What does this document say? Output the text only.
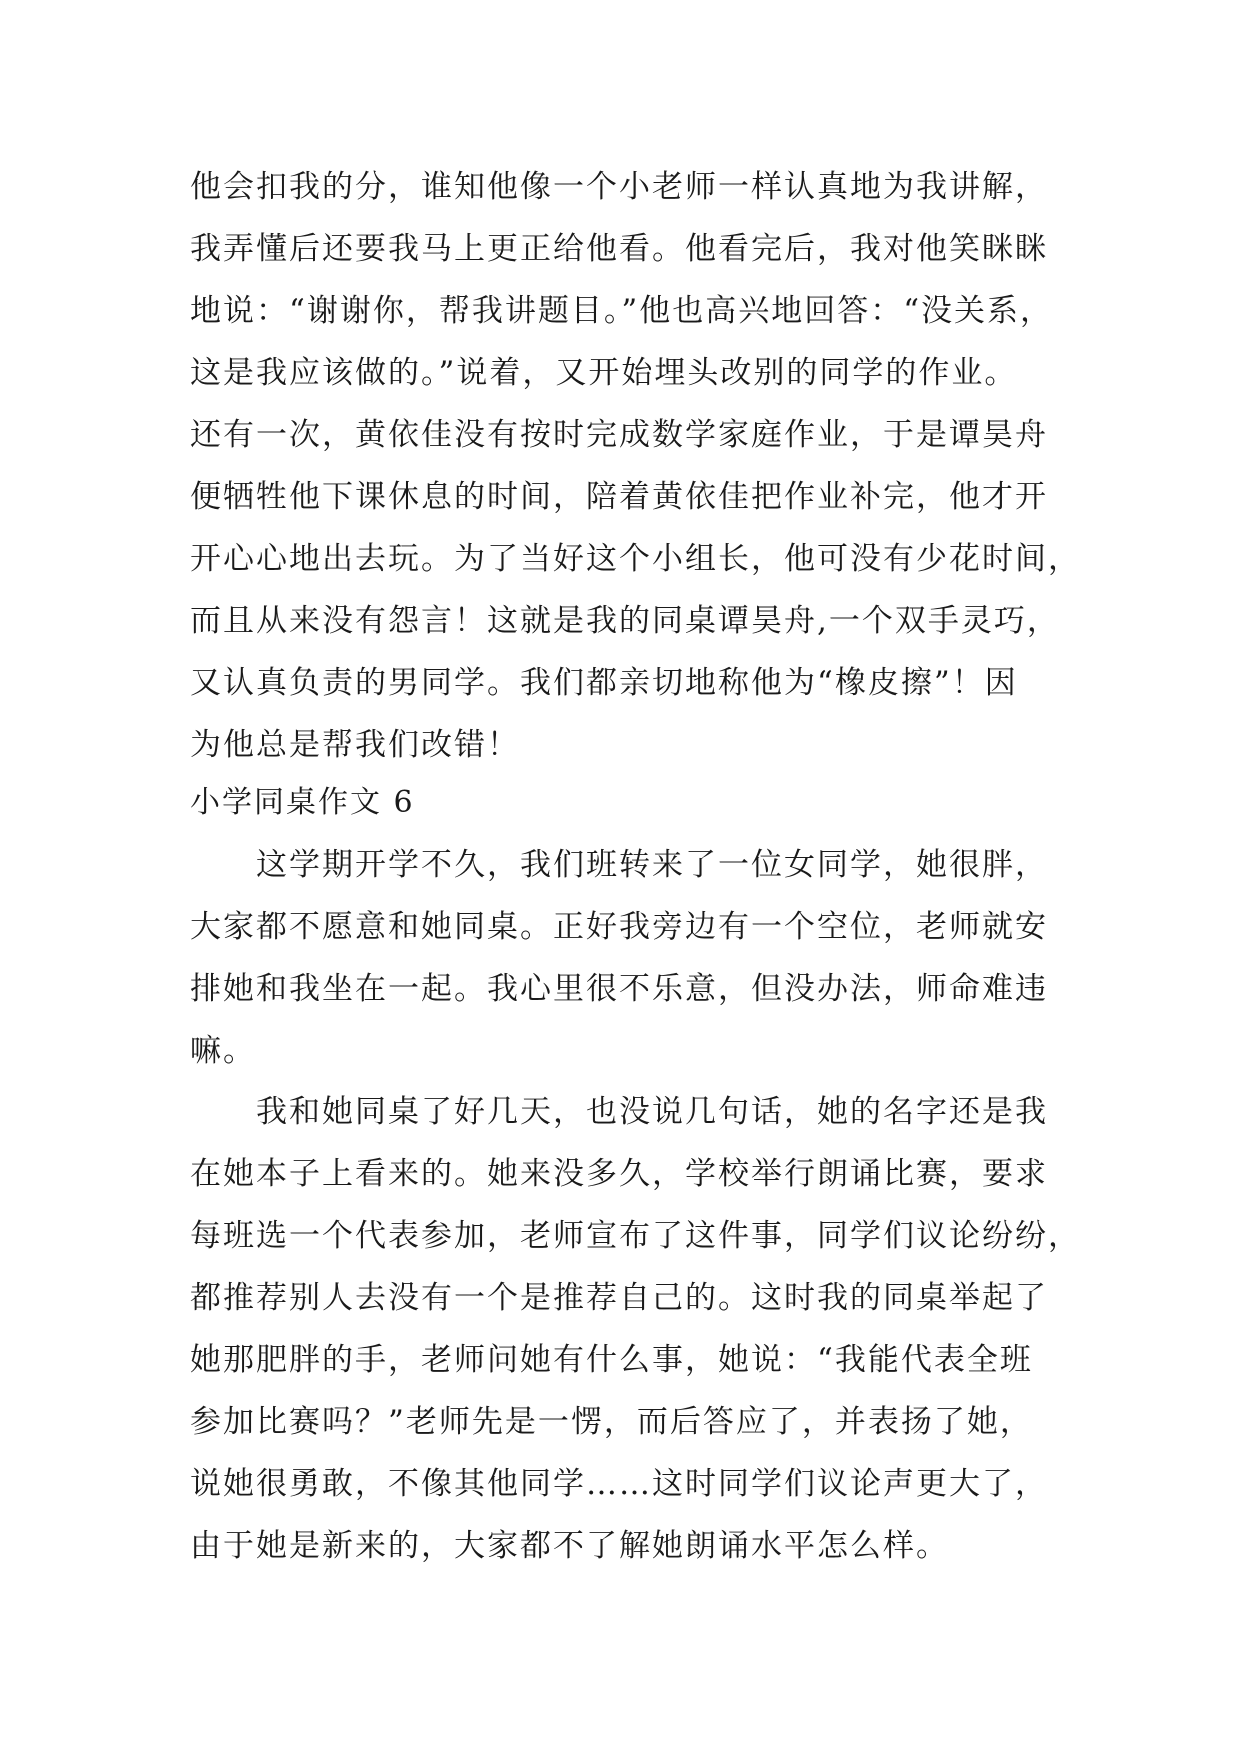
他会扣我的分，谁知他像一个小老师一样认真地为我讲解，
我弄懂后还要我马上更正给他看。他看完后，我对他笑眯眯
地说：“谢谢你，帮我讲题目。”他也高兴地回答：“没关系，
这是我应该做的。”说着，又开始埋头改别的同学的作业。
还有一次，黄依佳没有按时完成数学家庭作业，于是谭昊舟
便牺牲他下课休息的时间，陪着黄依佳把作业补完，他才开
开心心地出去玩。为了当好这个小组长，他可没有少花时间，
而且从来没有怨言！这就是我的同桌谭昊舟,一个双手灵巧，
又认真负责的男同学。我们都亲切地称他为“橡皮擦”！因
为他总是帮我们改错！
小学同桌作文 6
这学期开学不久，我们班转来了一位女同学，她很胖，
大家都不愿意和她同桌。正好我旁边有一个空位，老师就安
排她和我坐在一起。我心里很不乐意，但没办法，师命难违
嘛。
我和她同桌了好几天，也没说几句话，她的名字还是我
在她本子上看来的。她来没多久，学校举行朗诵比赛，要求
每班选一个代表参加，老师宣布了这件事，同学们议论纷纷，
都推荐别人去没有一个是推荐自己的。这时我的同桌举起了
她那肥胖的手，老师问她有什么事，她说：“我能代表全班
参加比赛吗？”老师先是一愣，而后答应了，并表扬了她，
说她很勇敢，不像其他同学……这时同学们议论声更大了，
由于她是新来的，大家都不了解她朗诵水平怎么样。
